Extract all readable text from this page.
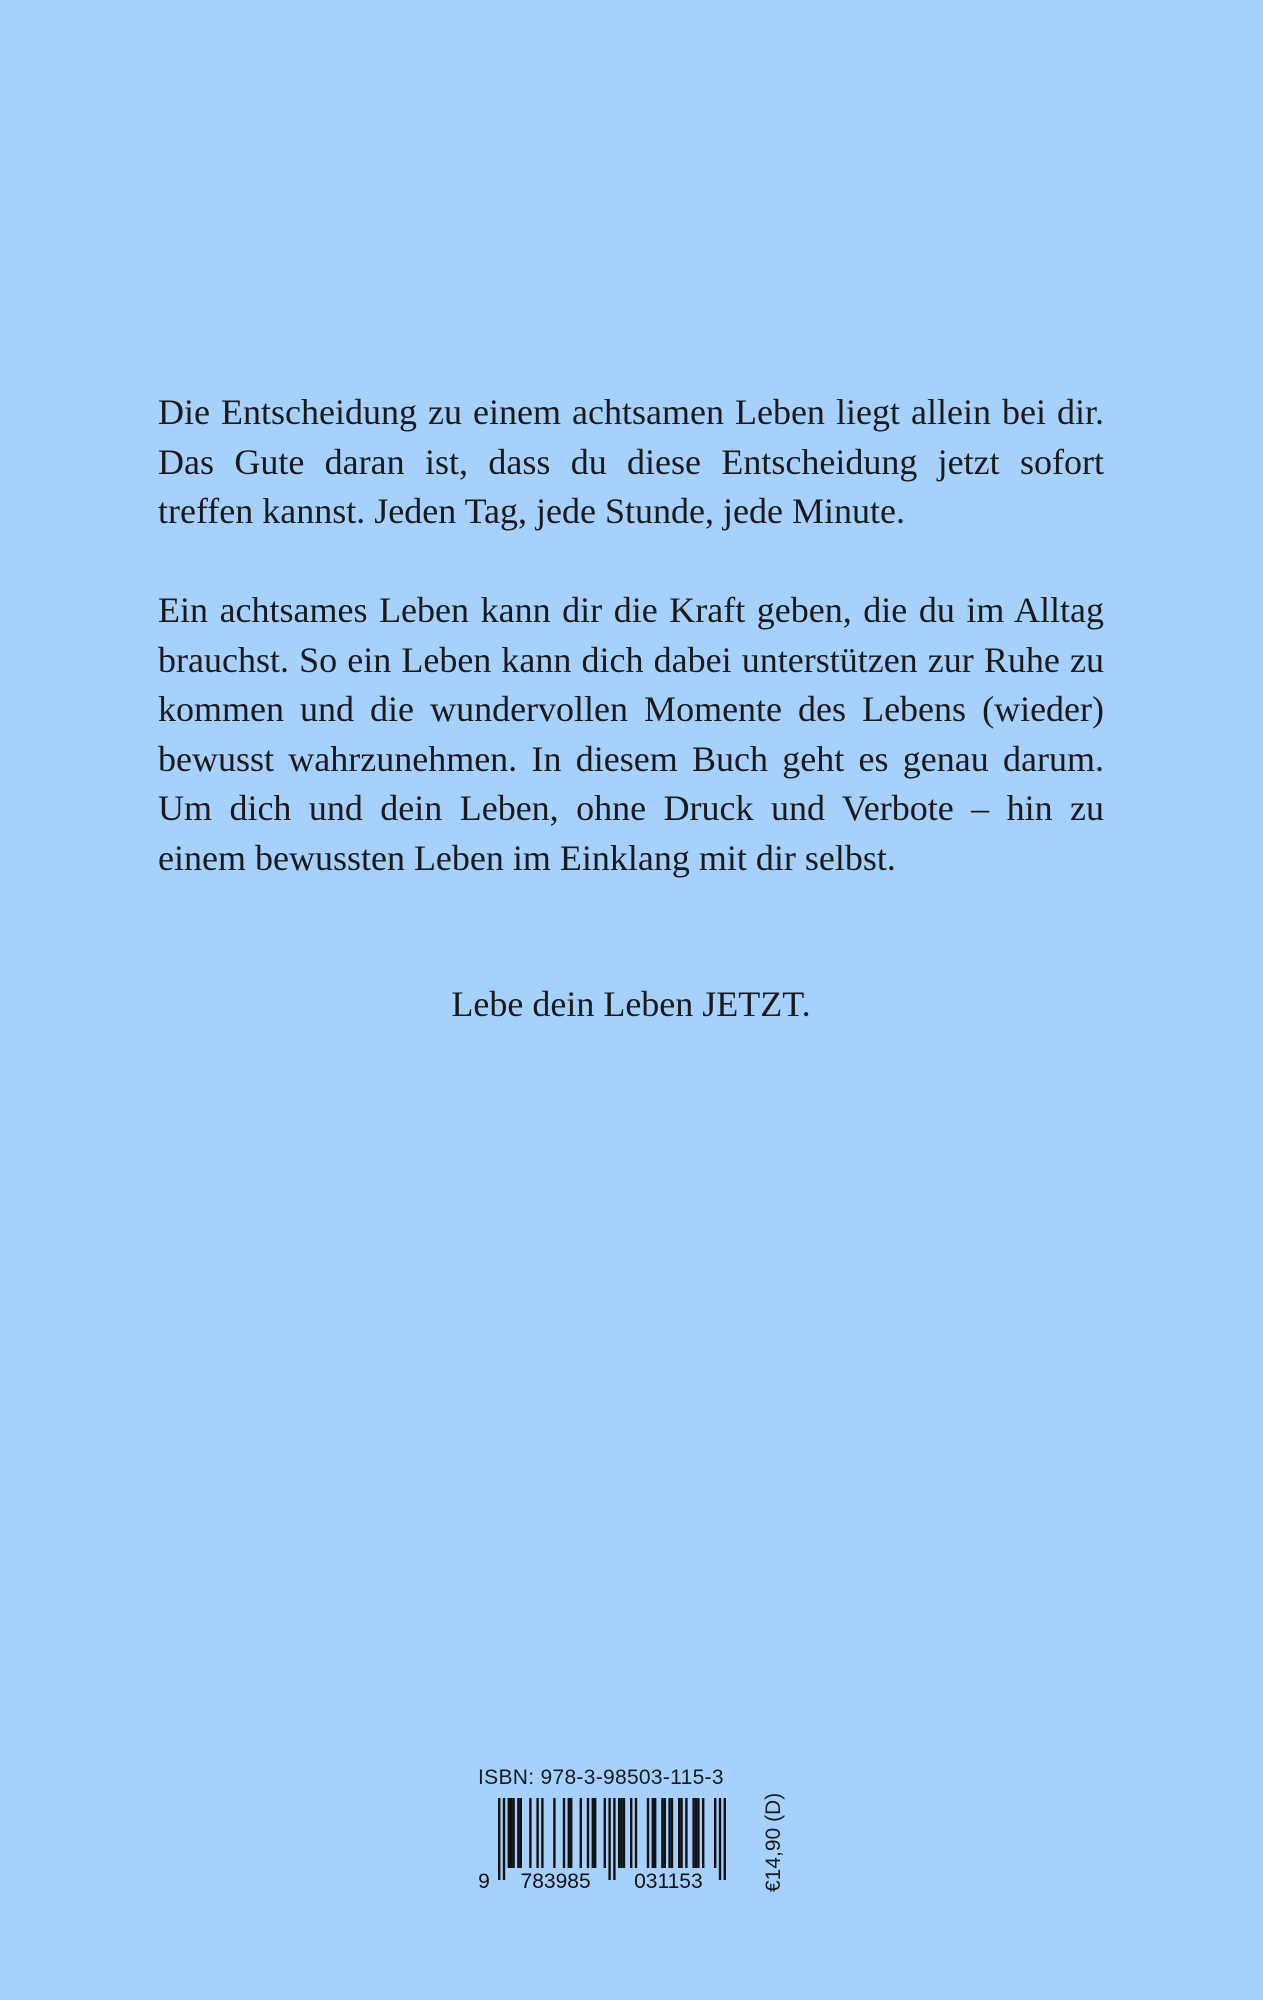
Die Entscheidung zu einem achtsamen Leben liegt allein bei dir. Das Gute daran ist, dass du diese Entscheidung jetzt sofort treffen kannst. Jeden Tag, jede Stunde, jede Minute.

Ein achtsames Leben kann dir die Kraft geben, die du im Alltag brauchst. So ein Leben kann dich dabei unterstützen zur Ruhe zu kommen und die wundervollen Momente des Lebens (wieder) bewusst wahrzunehmen. In diesem Buch geht es genau darum. Um dich und dein Leben, ohne Druck und Verbote – hin zu einem bewussten Leben im Einklang mit dir selbst.

Lebe dein Leben JETZT.
ISBN: 978-3-98503-115-3
9 783985 031153	€14,90 (D)
